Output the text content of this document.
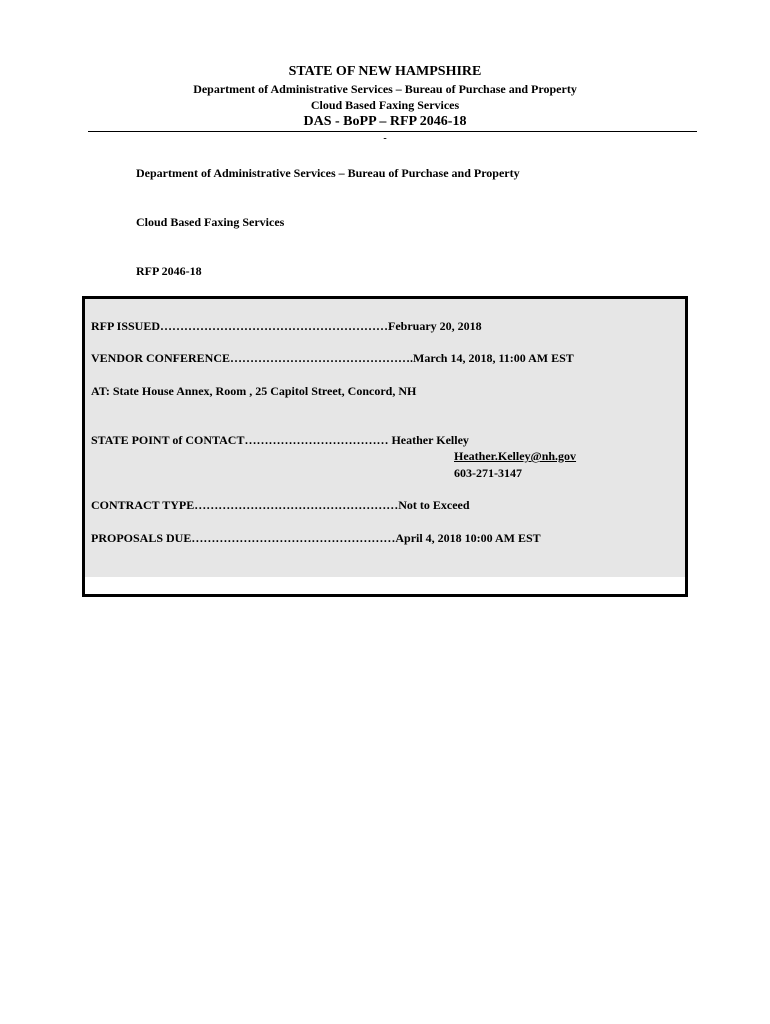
STATE OF NEW HAMPSHIRE
Department of Administrative Services – Bureau of Purchase and Property
Cloud Based Faxing Services
DAS - BoPP – RFP 2046-18
-
Department of Administrative Services – Bureau of Purchase and Property
Cloud Based Faxing Services
RFP 2046-18
RFP ISSUED…………………………………………………February 20, 2018
VENDOR CONFERENCE……………………………………….March 14, 2018, 11:00 AM EST
AT: State House Annex, Room , 25 Capitol Street, Concord, NH
STATE POINT of CONTACT……………………………… Heather Kelley
Heather.Kelley@nh.gov
603-271-3147
CONTRACT TYPE……………………………………………Not to Exceed
PROPOSALS DUE……………………………………………April 4, 2018 10:00 AM EST
